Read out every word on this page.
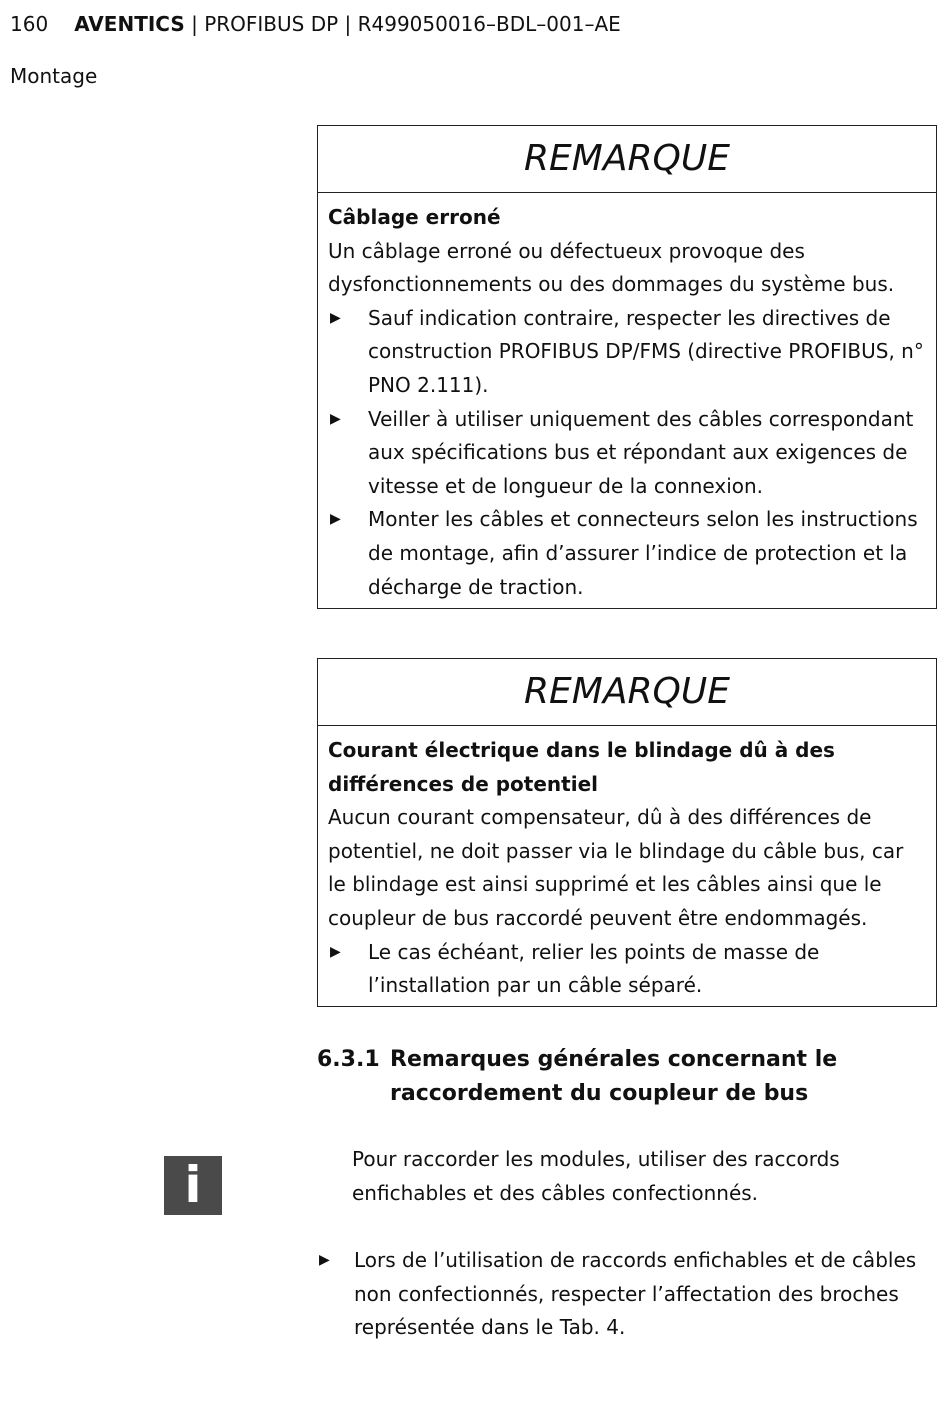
160 AVENTICS | PROFIBUS DP | R499050016–BDL–001–AE
Montage
REMARQUE
Câblage erroné
Un câblage erroné ou défectueux provoque des dysfonctionnements ou des dommages du système bus.
▶ Sauf indication contraire, respecter les directives de construction PROFIBUS DP/FMS (directive PROFIBUS, n° PNO 2.111).
▶ Veiller à utiliser uniquement des câbles correspondant aux spécifications bus et répondant aux exigences de vitesse et de longueur de la connexion.
▶ Monter les câbles et connecteurs selon les instructions de montage, afin d’assurer l’indice de protection et la décharge de traction.
REMARQUE
Courant électrique dans le blindage dû à des différences de potentiel
Aucun courant compensateur, dû à des différences de potentiel, ne doit passer via le blindage du câble bus, car le blindage est ainsi supprimé et les câbles ainsi que le coupleur de bus raccordé peuvent être endommagés.
▶ Le cas échéant, relier les points de masse de l’installation par un câble séparé.
6.3.1 Remarques générales concernant le raccordement du coupleur de bus
i	Pour raccorder les modules, utiliser des raccords enfichables et des câbles confectionnés.
▶ Lors de l’utilisation de raccords enfichables et de câbles non confectionnés, respecter l’affectation des broches représentée dans le Tab. 4.
